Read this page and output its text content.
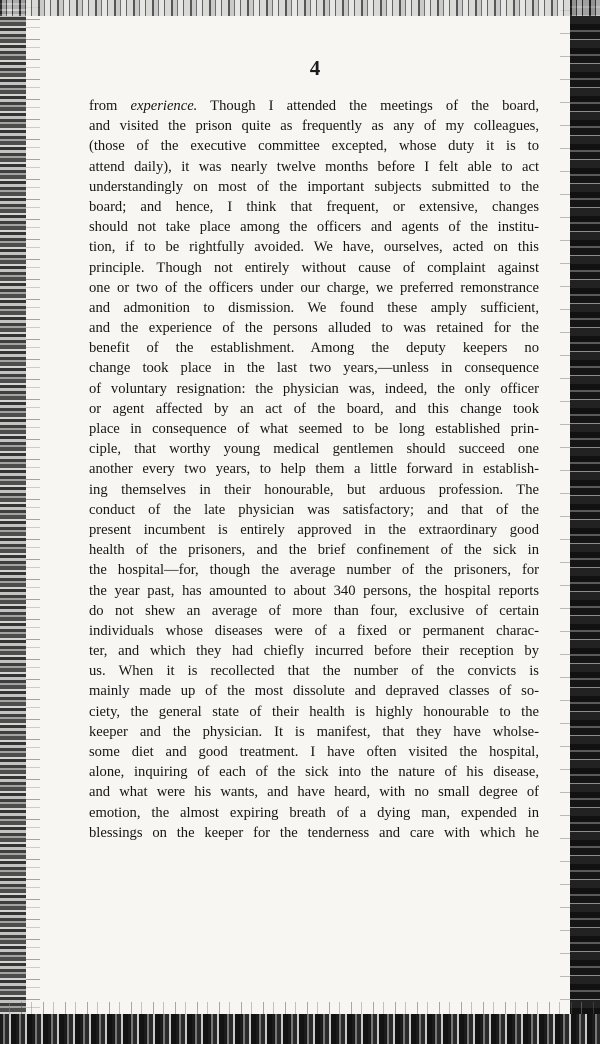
4
from experience. Though I attended the meetings of the board,
and visited the prison quite as frequently as any of my colleagues,
(those of the executive committee excepted, whose duty it is to
attend daily), it was nearly twelve months before I felt able to act
understandingly on most of the important subjects submitted to the
board; and hence, I think that frequent, or extensive, changes
should not take place among the officers and agents of the institu-
tion, if to be rightfully avoided. We have, ourselves, acted on this
principle. Though not entirely without cause of complaint against
one or two of the officers under our charge, we preferred remonstrance
and admonition to dismission. We found these amply sufficient,
and the experience of the persons alluded to was retained for the
benefit of the establishment. Among the deputy keepers no
change took place in the last two years,—unless in consequence
of voluntary resignation: the physician was, indeed, the only officer
or agent affected by an act of the board, and this change took
place in consequence of what seemed to be long established prin-
ciple, that worthy young medical gentlemen should succeed one
another every two years, to help them a little forward in establish-
ing themselves in their honourable, but arduous profession. The
conduct of the late physician was satisfactory; and that of the
present incumbent is entirely approved in the extraordinary good
health of the prisoners, and the brief confinement of the sick in
the hospital—for, though the average number of the prisoners, for
the year past, has amounted to about 340 persons, the hospital reports
do not shew an average of more than four, exclusive of certain
individuals whose diseases were of a fixed or permanent charac-
ter, and which they had chiefly incurred before their reception by
us. When it is recollected that the number of the convicts is
mainly made up of the most dissolute and depraved classes of so-
ciety, the general state of their health is highly honourable to the
keeper and the physician. It is manifest, that they have wholse-
some diet and good treatment. I have often visited the hospital,
alone, inquiring of each of the sick into the nature of his disease,
and what were his wants, and have heard, with no small degree of
emotion, the almost expiring breath of a dying man, expended in
blessings on the keeper for the tenderness and care with which he
